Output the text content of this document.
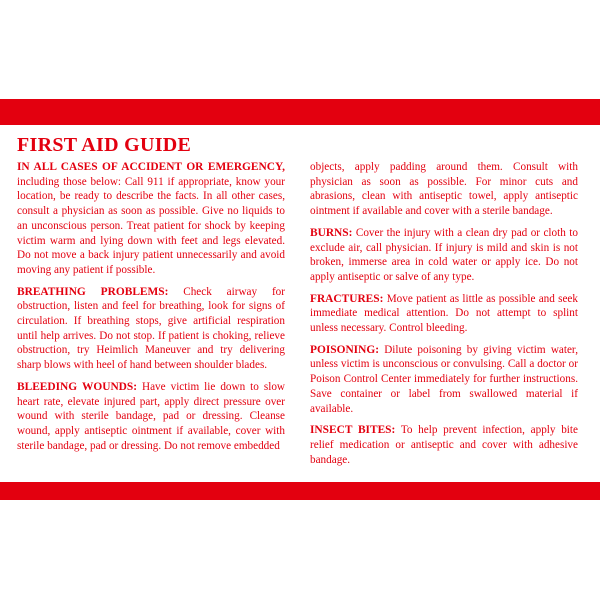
FIRST AID GUIDE

IN ALL CASES OF ACCIDENT OR EMERGENCY, including those below: Call 911 if appropriate, know your location, be ready to describe the facts. In all other cases, consult a physician as soon as possible. Give no liquids to an unconscious person. Treat patient for shock by keeping victim warm and lying down with feet and legs elevated. Do not move a back injury patient unnecessarily and avoid moving any patient if possible.

BREATHING PROBLEMS: Check airway for obstruction, listen and feel for breathing, look for signs of circulation. If breathing stops, give artificial respiration until help arrives. Do not stop. If patient is choking, relieve obstruction, try Heimlich Maneuver and try delivering sharp blows with heel of hand between shoulder blades.

BLEEDING WOUNDS: Have victim lie down to slow heart rate, elevate injured part, apply direct pressure over wound with sterile bandage, pad or dressing. Cleanse wound, apply antiseptic ointment if available, cover with sterile bandage, pad or dressing. Do not remove embedded

objects, apply padding around them. Consult with physician as soon as possible. For minor cuts and abrasions, clean with antiseptic towel, apply antiseptic ointment if available and cover with a sterile bandage.

BURNS: Cover the injury with a clean dry pad or cloth to exclude air, call physician. If injury is mild and skin is not broken, immerse area in cold water or apply ice. Do not apply antiseptic or salve of any type.

FRACTURES: Move patient as little as possible and seek immediate medical attention. Do not attempt to splint unless necessary. Control bleeding.

POISONING: Dilute poisoning by giving victim water, unless victim is unconscious or convulsing. Call a doctor or Poison Control Center immediately for further instructions. Save container or label from swallowed material if available.

INSECT BITES: To help prevent infection, apply bite relief medication or antiseptic and cover with adhesive bandage.
